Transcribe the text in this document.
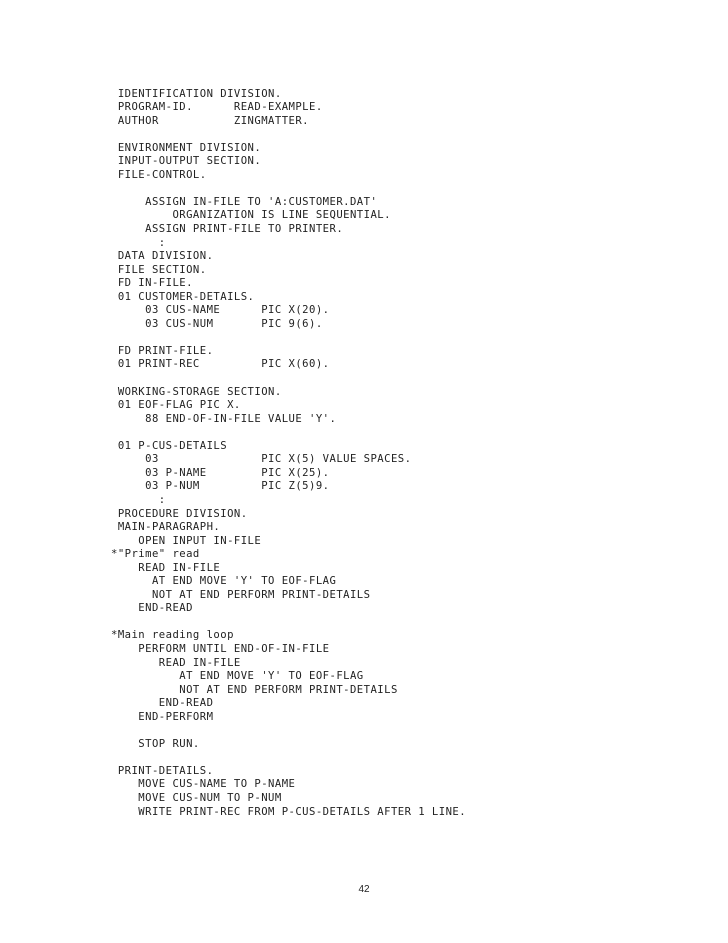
IDENTIFICATION DIVISION.
PROGRAM-ID.      READ-EXAMPLE.
AUTHOR           ZINGMATTER.
ENVIRONMENT DIVISION.
INPUT-OUTPUT SECTION.
FILE-CONTROL.
ASSIGN IN-FILE TO 'A:CUSTOMER.DAT'
ORGANIZATION IS LINE SEQUENTIAL.
ASSIGN PRINT-FILE TO PRINTER.
:
DATA DIVISION.
FILE SECTION.
FD IN-FILE.
01 CUSTOMER-DETAILS.
03 CUS-NAME      PIC X(20).
03 CUS-NUM       PIC 9(6).
FD PRINT-FILE.
01 PRINT-REC         PIC X(60).
WORKING-STORAGE SECTION.
01 EOF-FLAG PIC X.
88 END-OF-IN-FILE VALUE 'Y'.
01 P-CUS-DETAILS
03               PIC X(5) VALUE SPACES.
03 P-NAME        PIC X(25).
03 P-NUM         PIC Z(5)9.
:
PROCEDURE DIVISION.
MAIN-PARAGRAPH.
OPEN INPUT IN-FILE
*"Prime" read
READ IN-FILE
AT END MOVE 'Y' TO EOF-FLAG
NOT AT END PERFORM PRINT-DETAILS
END-READ
*Main reading loop
PERFORM UNTIL END-OF-IN-FILE
READ IN-FILE
AT END MOVE 'Y' TO EOF-FLAG
NOT AT END PERFORM PRINT-DETAILS
END-READ
END-PERFORM
STOP RUN.
PRINT-DETAILS.
MOVE CUS-NAME TO P-NAME
MOVE CUS-NUM TO P-NUM
WRITE PRINT-REC FROM P-CUS-DETAILS AFTER 1 LINE.
42
